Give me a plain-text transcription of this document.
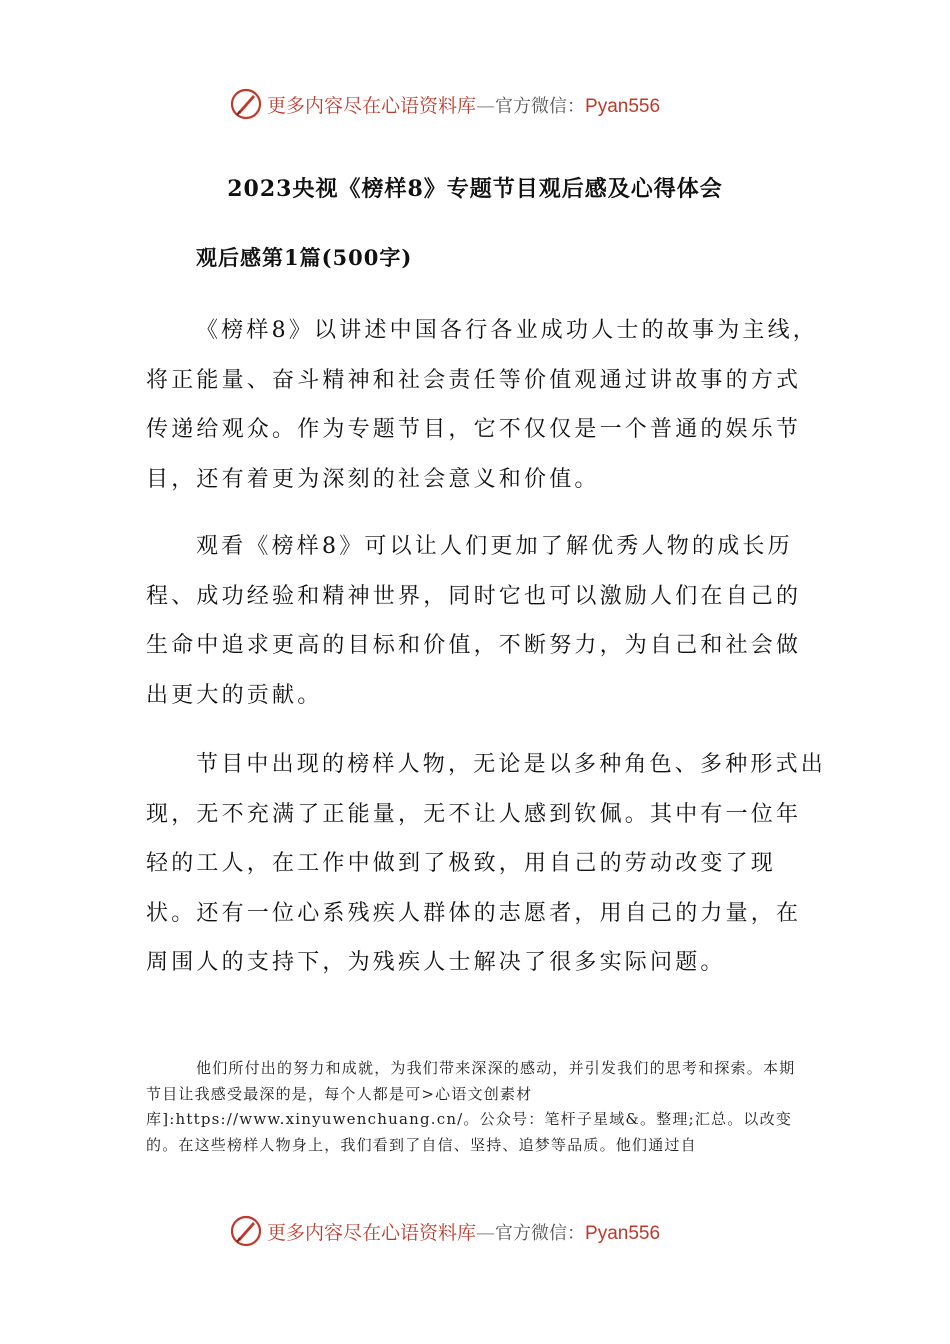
更多内容尽在心语资料库—官方微信：Pyan556
2023央视《榜样8》专题节目观后感及心得体会
观后感第1篇(500字)
《榜样8》以讲述中国各行各业成功人士的故事为主线，将正能量、奋斗精神和社会责任等价值观通过讲故事的方式传递给观众。作为专题节目，它不仅仅是一个普通的娱乐节目，还有着更为深刻的社会意义和价值。
观看《榜样8》可以让人们更加了解优秀人物的成长历程、成功经验和精神世界，同时它也可以激励人们在自己的生命中追求更高的目标和价值，不断努力，为自己和社会做出更大的贡献。
节目中出现的榜样人物，无论是以多种角色、多种形式出现，无不充满了正能量，无不让人感到钦佩。其中有一位年轻的工人，在工作中做到了极致，用自己的劳动改变了现状。还有一位心系残疾人群体的志愿者，用自己的力量，在周围人的支持下，为残疾人士解决了很多实际问题。
他们所付出的努力和成就，为我们带来深深的感动，并引发我们的思考和探索。本期节目让我感受最深的是，每个人都是可>心语文创素材库]:https://www.xinyuwenchuang.cn/。公众号：笔杆子星域&。整理;汇总。以改变的。在这些榜样人物身上，我们看到了自信、坚持、追梦等品质。他们通过自
更多内容尽在心语资料库—官方微信：Pyan556
